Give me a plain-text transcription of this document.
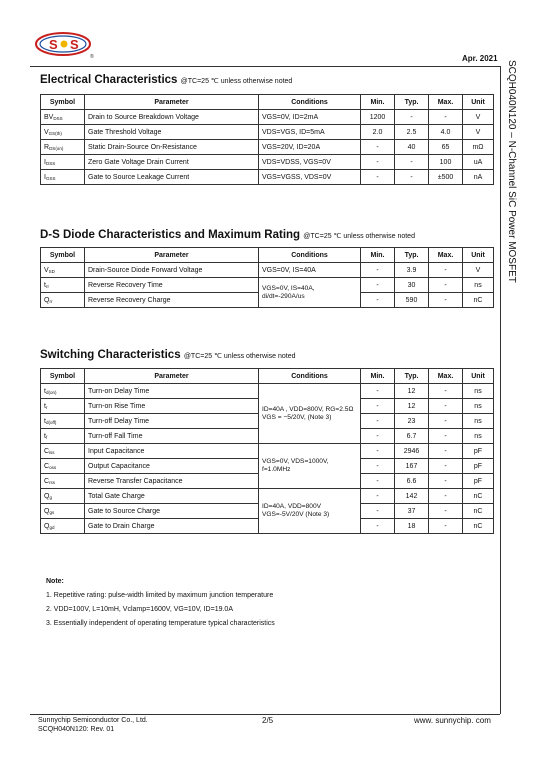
S S
®	Apr. 2021
SCQH040N120 – N-Channel SiC Power MOSFET
Electrical Characteristics @TC=25 ℃ unless otherwise noted
Symbol	Parameter	Conditions	Min.	Typ.	Max.	Unit
$BV_{DSS}$	Drain to Source Breakdown Voltage	VGS=0V, ID=2mA	1200	-	-	V
$V_{GS(th)}$	Gate Threshold Voltage	VDS=VGS, ID=5mA	2.0	2.5	4.0	V
$R_{DS(on)}$	Static Drain-Source On-Resistance	VGS=20V, ID=20A	-	40	65	mΩ
$I_{DSS}$	Zero Gate Voltage Drain Current	VDS=VDSS, VGS=0V	-	-	100	uA
$I_{GSS}$	Gate to Source Leakage Current	VGS=VGSS, VDS=0V	-	-	±500	nA
D-S Diode Characteristics and Maximum Rating @TC=25 ℃ unless otherwise noted
Symbol	Parameter	Conditions	Min.	Typ.	Max.	Unit
$V_{SD}$	Drain-Source Diode Forward Voltage	VGS=0V, IS=40A	-	3.9	-	V
$t_{rr}$	Reverse Recovery Time	VGS=0V, IS=40A, di/dt=-290A/us	-	30	-	ns
$Q_{rr}$	Reverse Recovery Charge		-	590	-	nC
Switching Characteristics @TC=25 ℃ unless otherwise noted
Symbol	Parameter	Conditions	Min.	Typ.	Max.	Unit
$t_{d(on)}$	Turn-on Delay Time	ID=40A , VDD=800V, RG=2.5Ω VGS = −5/20V, (Note 3)	-	12	-	ns
$t_r$	Turn-on Rise Time		-	12	-	ns
$t_{d(off)}$	Turn-off Delay Time		-	23	-	ns
$t_f$	Turn-off Fall Time		-	6.7	-	ns
$C_{iss}$	Input Capacitance	VGS=0V, VDS=1000V, f=1.0MHz	-	2946	-	pF
$C_{oss}$	Output Capacitance		-	167	-	pF
$C_{rss}$	Reverse Transfer Capacitance		-	6.6	-	pF
$Q_g$	Total Gate Charge	ID=40A, VDD=800V VGS=-5V/20V (Note 3)	-	142	-	nC
$Q_{gs}$	Gate to Source Charge		-	37	-	nC
$Q_{gd}$	Gate to Drain Charge		-	18	-	nC
Note:
1. Repetitive rating: pulse-width limited by maximum junction temperature
2. VDD=100V, L=10mH, Vclamp=1600V, VG=10V, ID=19.0A
3. Essentially independent of operating temperature typical characteristics
Sunnychip Semiconductor Co., Ltd.
SCQH040N120: Rev. 01
2/5	www. sunnychip. com
